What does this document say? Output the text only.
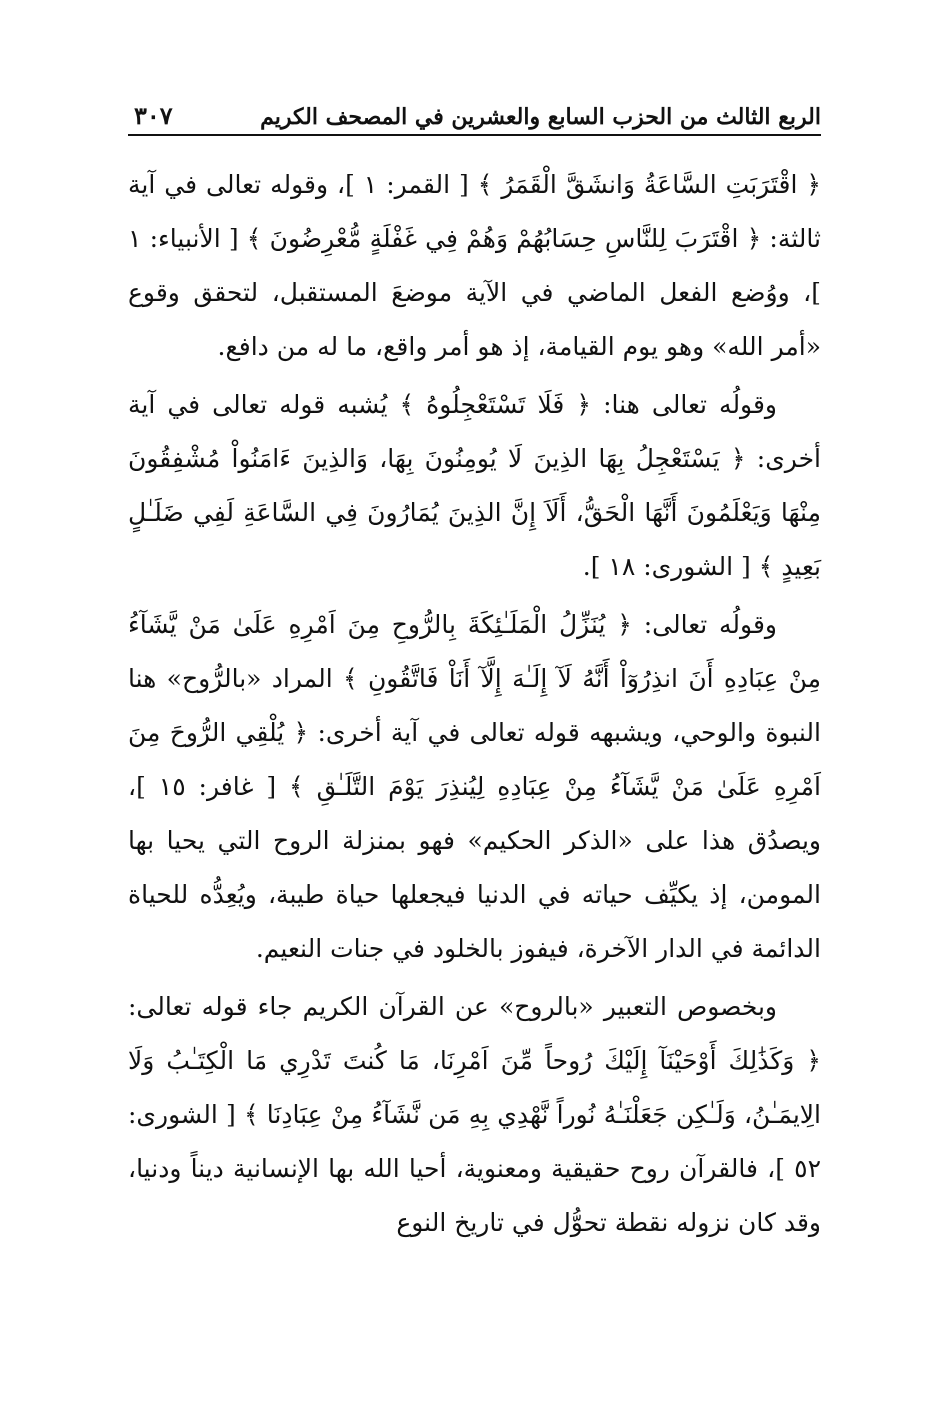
الربع الثالث من الحزب السابع والعشرين في المصحف الكريم
٣٠٧

﴿ اقْتَرَبَتِ السَّاعَةُ وَانشَقَّ الْقَمَرُ ﴾ [ القمر: ١ ]، وقوله تعالى في آية ثالثة: ﴿ اقْتَرَبَ لِلنَّاسِ حِسَابُهُمْ وَهُمْ فِي غَفْلَةٍ مُّعْرِضُونَ ﴾ [ الأنبياء: ١ ]، ووُضع الفعل الماضي في الآية موضعَ المستقبل، لتحقق وقوع «أمر الله» وهو يوم القيامة، إذ هو أمر واقع، ما له من دافع.

وقولُه تعالى هنا: ﴿ فَلَا تَسْتَعْجِلُوهُ ﴾ يُشبه قوله تعالى في آية أخرى: ﴿ يَسْتَعْجِلُ بِهَا الذِينَ لَا يُومِنُونَ بِهَا، وَالذِينَ ءَامَنُواْ مُشْفِقُونَ مِنْهَا وَيَعْلَمُونَ أَنَّهَا الْحَقُّ، أَلَاَ إِنَّ الذِينَ يُمَارُونَ فِي السَّاعَةِ لَفِي ضَلَـٰلٍ بَعِيدٍ ﴾ [ الشورى: ١٨ ].

وقولُه تعالى: ﴿ يُنَزِّلُ الْمَلَـٰئِكَةَ بِالرُّوحِ مِنَ اَمْرِهِ عَلَىٰ مَنْ يَّشَآءُ مِنْ عِبَادِهِ أَنَ انذِرُوٓاْ أَنَّهُ لَآ إِلَـٰهَ إِلَّآ أَنَاْ فَاتَّقُونِ ﴾ المراد «بالرُّوح» هنا النبوة والوحي، ويشبهه قوله تعالى في آية أخرى: ﴿ يُلْقِي الرُّوحَ مِنَ اَمْرِهِ عَلَىٰ مَنْ يَّشَآءُ مِنْ عِبَادِهِ لِيُنذِرَ يَوْمَ التَّلَـٰقِ ﴾ [ غافر: ١٥ ]، ويصدُق هذا على «الذكر الحكيم» فهو بمنزلة الروح التي يحيا بها المومن، إذ يكيِّف حياته في الدنيا فيجعلها حياة طيبة، ويُعِدُّه للحياة الدائمة في الدار الآخرة، فيفوز بالخلود في جنات النعيم.

وبخصوص التعبير «بالروح» عن القرآن الكريم جاء قوله تعالى: ﴿ وَكَذَٰلِكَ أَوْحَيْنَآ إِلَيْكَ رُوحاً مِّنَ اَمْرِنَا، مَا كُنتَ تَدْرِي مَا الْكِتَـٰبُ وَلَا الِايمَـٰنُ، وَلَـٰكِن جَعَلْنَـٰهُ نُوراً نَّهْدِي بِهِ مَن نَّشَآءُ مِنْ عِبَادِنَا ﴾ [ الشورى: ٥٢ ]، فالقرآن روح حقيقية ومعنوية، أحيا الله بها الإنسانية ديناً ودنيا، وقد كان نزوله نقطة تحوُّل في تاريخ النوع
